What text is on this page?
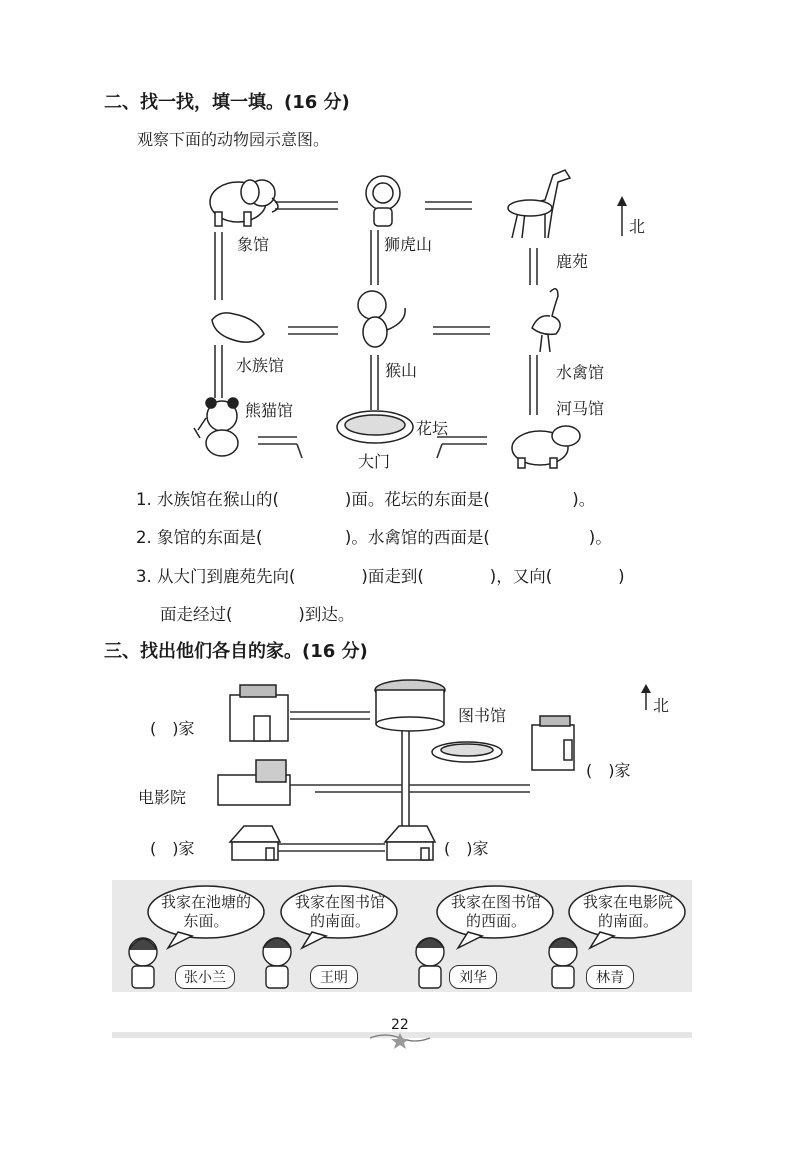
二、找一找，填一填。(16 分)
观察下面的动物园示意图。
北
象馆	狮虎山
鹿苑
水族馆	猴山	水禽馆
熊猫馆	河马馆
花坛
大门
1. 水族馆在猴山的(　　　　)面。花坛的东面是(　　　　　)。
2. 象馆的东面是(　　　　　)。水禽馆的西面是(　　　　　　)。
3. 从大门到鹿苑先向(　　　　)面走到(　　　　)，又向(　　　　)
面走经过(　　　　)到达。
三、找出他们各自的家。(16 分)
北
图书馆
电影院
(　)家
(　)家
(　)家	(　)家
我家在池塘的东面。
我家在图书馆的南面。
我家在图书馆的西面。
我家在电影院的南面。
张小兰	王明	刘华	林青
22
